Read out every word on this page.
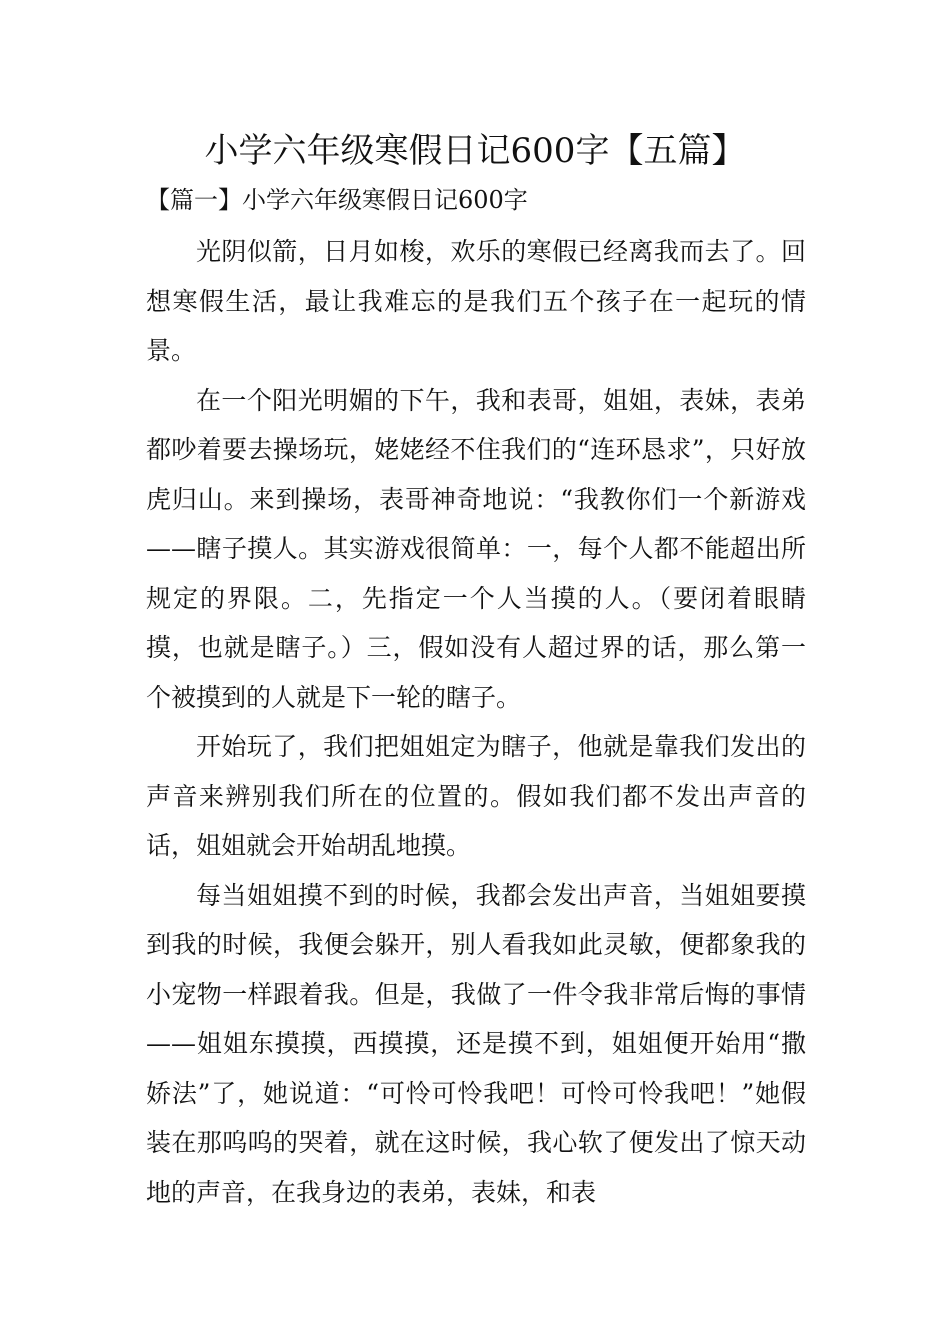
小学六年级寒假日记600字【五篇】
【篇一】小学六年级寒假日记600字

光阴似箭，日月如梭，欢乐的寒假已经离我而去了。回想寒假生活，最让我难忘的是我们五个孩子在一起玩的情景。

在一个阳光明媚的下午，我和表哥，姐姐，表妹，表弟都吵着要去操场玩，姥姥经不住我们的“连环恳求”，只好放虎归山。来到操场，表哥神奇地说：“我教你们一个新游戏——瞎子摸人。其实游戏很简单：一，每个人都不能超出所规定的界限。二，先指定一个人当摸的人。（要闭着眼睛摸，也就是瞎子。）三，假如没有人超过界的话，那么第一个被摸到的人就是下一轮的瞎子。

开始玩了，我们把姐姐定为瞎子，他就是靠我们发出的声音来辨别我们所在的位置的。假如我们都不发出声音的话，姐姐就会开始胡乱地摸。

每当姐姐摸不到的时候，我都会发出声音，当姐姐要摸到我的时候，我便会躲开，别人看我如此灵敏，便都象我的小宠物一样跟着我。但是，我做了一件令我非常后悔的事情——姐姐东摸摸，西摸摸，还是摸不到，姐姐便开始用“撒娇法”了，她说道：“可怜可怜我吧！可怜可怜我吧！”她假装在那呜呜的哭着，就在这时候，我心软了便发出了惊天动地的声音，在我身边的表弟，表妹，和表
